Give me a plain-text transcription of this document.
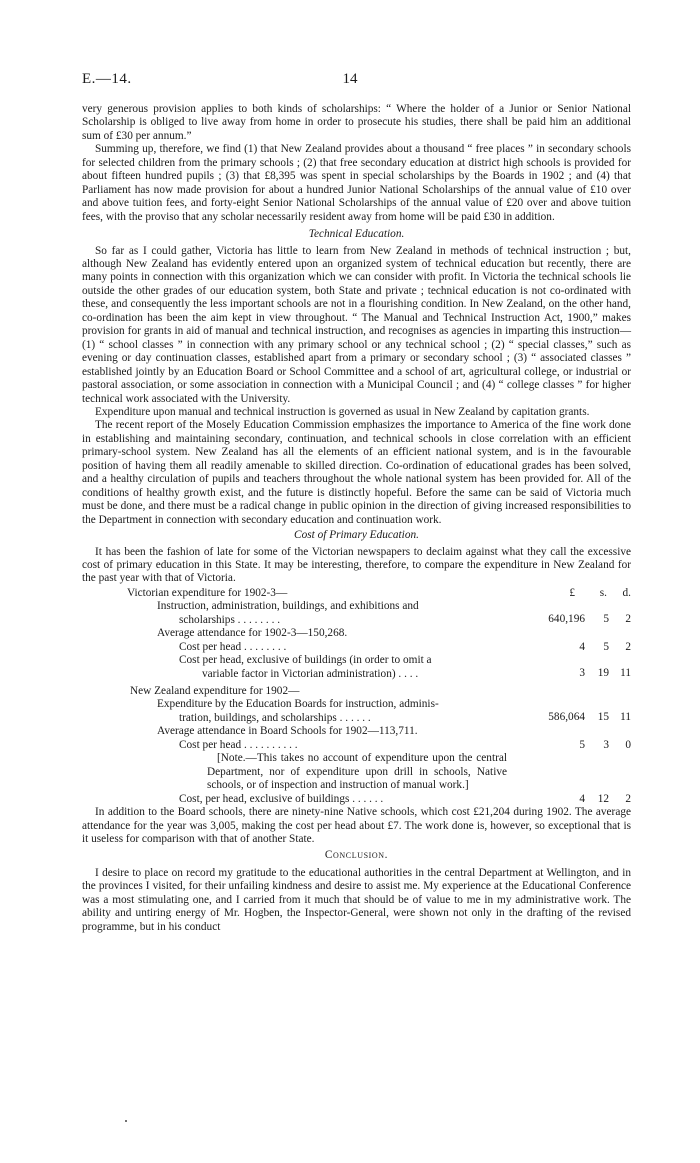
E.—14.	14

very generous provision applies to both kinds of scholarships: “ Where the holder of a Junior or Senior National Scholarship is obliged to live away from home in order to prosecute his studies, there shall be paid him an additional sum of £30 per annum.”

Summing up, therefore, we find (1) that New Zealand provides about a thousand “ free places ” in secondary schools for selected children from the primary schools ; (2) that free secondary education at district high schools is provided for about fifteen hundred pupils ; (3) that £8,395 was spent in special scholarships by the Boards in 1902 ; and (4) that Parliament has now made provision for about a hundred Junior National Scholarships of the annual value of £10 over and above tuition fees, and forty-eight Senior National Scholarships of the annual value of £20 over and above tuition fees, with the proviso that any scholar necessarily resident away from home will be paid £30 in addition.

Technical Education.

So far as I could gather, Victoria has little to learn from New Zealand in methods of technical instruction ; but, although New Zealand has evidently entered upon an organized system of technical education but recently, there are many points in connection with this organization which we can consider with profit. In Victoria the technical schools lie outside the other grades of our education system, both State and private ; technical education is not co-ordinated with these, and consequently the less important schools are not in a flourishing condition. In New Zealand, on the other hand, co-ordination has been the aim kept in view throughout. “ The Manual and Technical Instruction Act, 1900,” makes provision for grants in aid of manual and technical instruction, and recognises as agencies in imparting this instruction—(1) “ school classes ” in connection with any primary school or any technical school ; (2) “ special classes,” such as evening or day continuation classes, established apart from a primary or secondary school ; (3) “ associated classes ” established jointly by an Education Board or School Committee and a school of art, agricultural college, or industrial or pastoral association, or some association in connection with a Municipal Council ; and (4) “ college classes ” for higher technical work associated with the University.

Expenditure upon manual and technical instruction is governed as usual in New Zealand by capitation grants.

The recent report of the Mosely Education Commission emphasizes the importance to America of the fine work done in establishing and maintaining secondary, continuation, and technical schools in close correlation with an efficient primary-school system. New Zealand has all the elements of an efficient national system, and is in the favourable position of having them all readily amenable to skilled direction. Co-ordination of educational grades has been solved, and a healthy circulation of pupils and teachers throughout the whole national system has been provided for. All of the conditions of healthy growth exist, and the future is distinctly hopeful. Before the same can be said of Victoria much must be done, and there must be a radical change in public opinion in the direction of giving increased responsibilities to the Department in connection with secondary education and continuation work.

Cost of Primary Education.

It has been the fashion of late for some of the Victorian newspapers to declaim against what they call the excessive cost of primary education in this State. It may be interesting, therefore, to compare the expenditure in New Zealand for the past year with that of Victoria.

Victorian expenditure for 1902-3—	£	s.	d.
Instruction, administration, buildings, and exhibitions and
scholarships . . . . . . . .	640,196	5	2
Average attendance for 1902-3—150,268.
Cost per head . . . . . . . .	4	5	2
Cost per head, exclusive of buildings (in order to omit a
variable factor in Victorian administration) . . . .	3	19 11
New Zealand expenditure for 1902—
Expenditure by the Education Boards for instruction, adminis-
tration, buildings, and scholarships . . . . . .	586,064	15 11
Average attendance in Board Schools for 1902—113,711.
Cost per head . . . . . . . . . .	5	3	0

[Note.—This takes no account of expenditure upon the central Department, nor of expenditure upon drill in schools, Native schools, or of inspection and instruction of manual work.]

Cost, per head, exclusive of buildings . . . . . .	4	12	2

In addition to the Board schools, there are ninety-nine Native schools, which cost £21,204 during 1902. The average attendance for the year was 3,005, making the cost per head about £7. The work done is, however, so exceptional that is it useless for comparison with that of another State.

Conclusion.

I desire to place on record my gratitude to the educational authorities in the central Department at Wellington, and in the provinces I visited, for their unfailing kindness and desire to assist me. My experience at the Educational Conference was a most stimulating one, and I carried from it much that should be of value to me in my administrative work. The ability and untiring energy of Mr. Hogben, the Inspector-General, were shown not only in the drafting of the revised programme, but in his conduct
